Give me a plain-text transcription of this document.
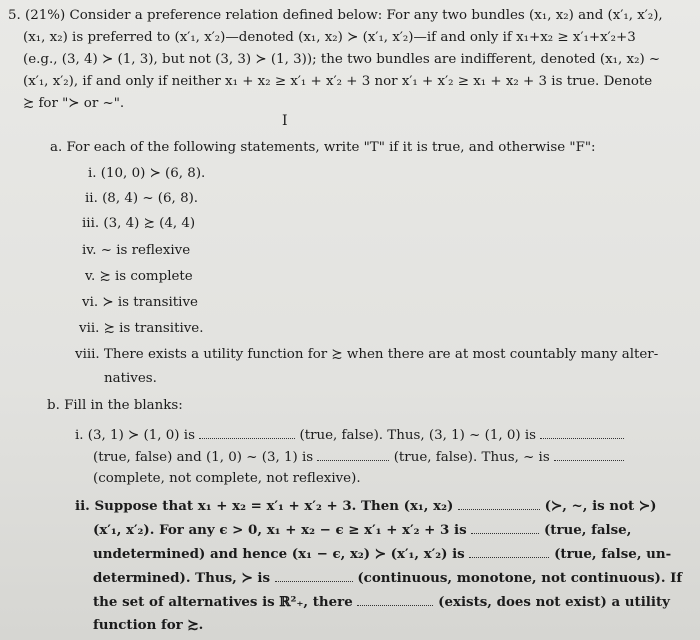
5. (21%) Consider a preference relation defined below: For any two bundles (x₁, x₂) and (x′₁, x′₂),
(x₁, x₂) is preferred to (x′₁, x′₂)—denoted (x₁, x₂) ≻ (x′₁, x′₂)—if and only if x₁+x₂ ≥ x′₁+x′₂+3
(e.g., (3, 4) ≻ (1, 3), but not (3, 3) ≻ (1, 3)); the two bundles are indifferent, denoted (x₁, x₂) ~
(x′₁, x′₂), if and only if neither x₁ + x₂ ≥ x′₁ + x′₂ + 3 nor x′₁ + x′₂ ≥ x₁ + x₂ + 3 is true. Denote
≿ for "≻ or ~".
I
a. For each of the following statements, write "T" if it is true, and otherwise "F":
i. (10, 0) ≻ (6, 8).
ii. (8, 4) ~ (6, 8).
iii. (3, 4) ≿ (4, 4)
iv. ~ is reflexive
v. ≿ is complete
vi. ≻ is transitive
vii. ≿ is transitive.
viii. There exists a utility function for ≿ when there are at most countably many alter-
natives.
b. Fill in the blanks:
i. (3, 1) ≻ (1, 0) is	(true, false). Thus, (3, 1) ~ (1, 0) is
(true, false) and (1, 0) ~ (3, 1) is	(true, false). Thus, ~ is
(complete, not complete, not reflexive).
ii. Suppose that x₁ + x₂ = x′₁ + x′₂ + 3. Then (x₁, x₂)	(≻, ~, is not ≻)
(x′₁, x′₂). For any ϵ > 0, x₁ + x₂ − ϵ ≥ x′₁ + x′₂ + 3 is	(true, false,
undetermined) and hence (x₁ − ϵ, x₂) ≻ (x′₁, x′₂) is	(true, false, un-
determined). Thus, ≻ is	(continuous, monotone, not continuous). If
the set of alternatives is ℝ²₊, there	(exists, does not exist) a utility
function for ≿.
